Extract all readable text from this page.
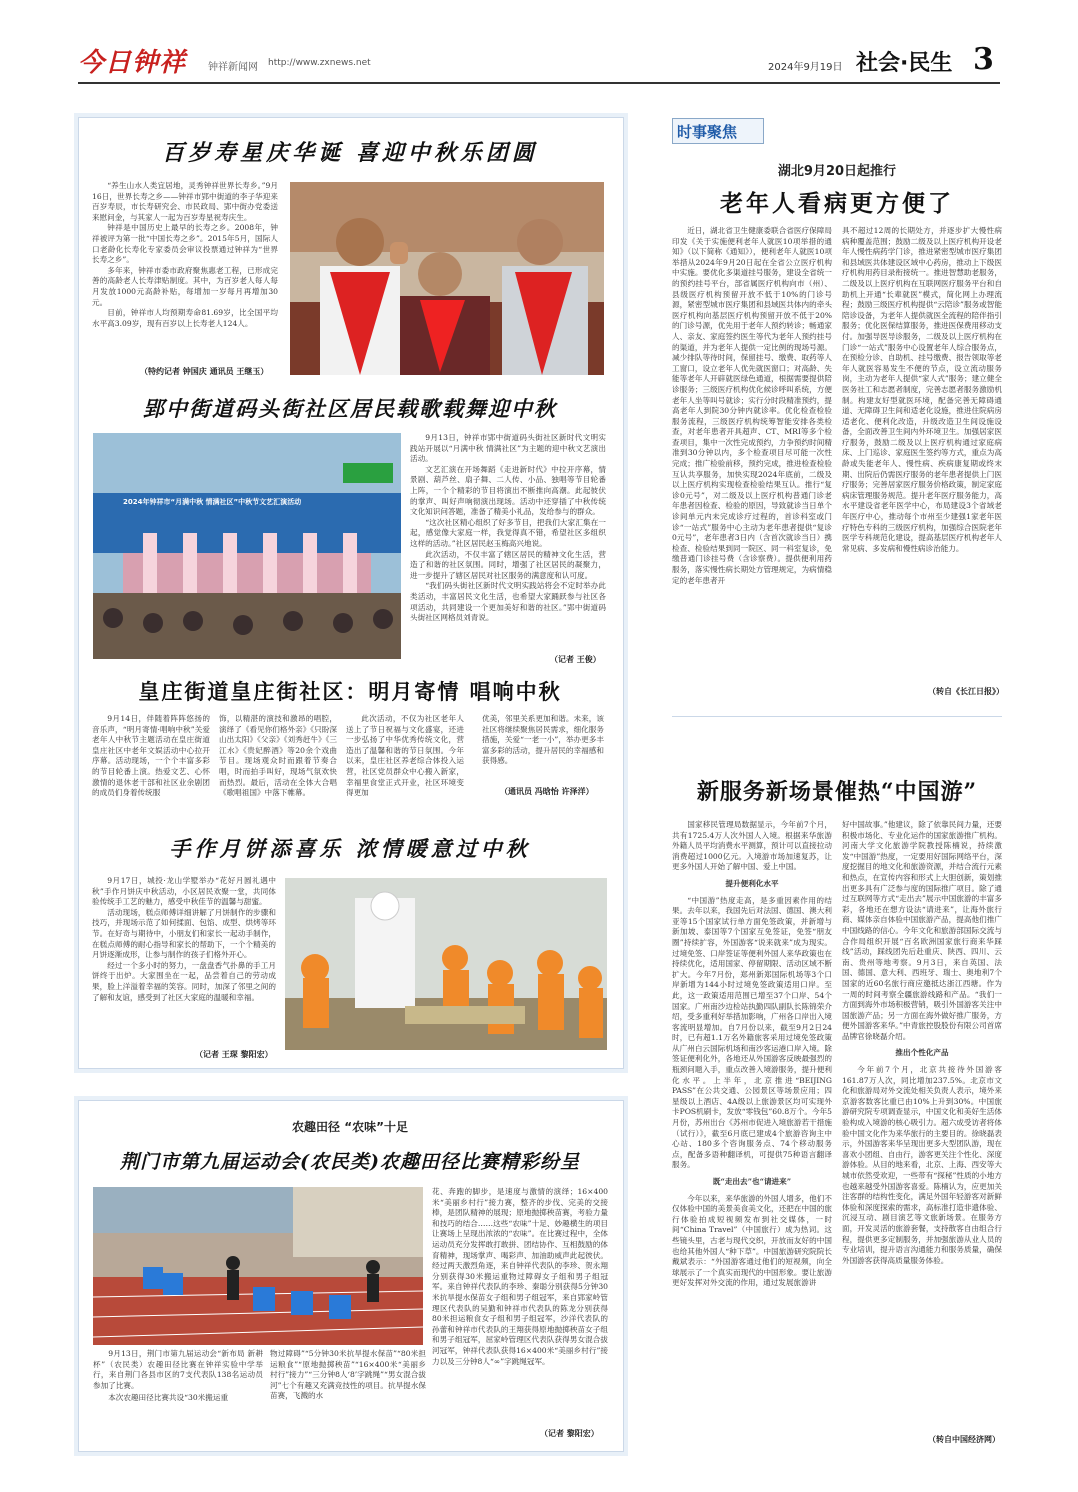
今日钟祥 钟祥新闻网 http://www.zxnews.net	2024年9月19日 社会·民生 3
百岁寿星庆华诞 喜迎中秋乐团圆

“养生山水人类宜居地，灵秀钟祥世界长寿乡。”9月16日，世界长寿之乡——钟祥市郢中街道的李子华迎来百岁寿辰，市长寿研究会、市民政局、郢中街办党委送来慰问金，与其家人一起为百岁寿星祝寿庆生。

钟祥是中国历史上最早的长寿之乡。2008年，钟祥被评为第一批“中国长寿之乡”。2015年5月，国际人口老龄化长寿化专家委员会审议投票通过钟祥为“世界长寿之乡”。

多年来，钟祥市委市政府聚焦惠老工程，已形成完善的高龄老人长寿津贴制度。其中，为百岁老人每人每月发放1000元高龄补贴，每增加一岁每月再增加30元。

目前，钟祥市人均预期寿命81.69岁，比全国平均水平高3.09岁，现有百岁以上长寿老人124人。

（特约记者 钟国庆 通讯员 王继玉）
郢中街道码头街社区居民载歌载舞迎中秋
2024年钟祥市“月满中秋 情满社区”中秋节文艺汇演活动

9月13日，钟祥市郢中街道码头街社区新时代文明实践站开展以“月满中秋 情满社区”为主题的迎中秋文艺演出活动。

文艺汇演在开场舞蹈《走进新时代》中拉开序幕，情景剧、葫芦丝、扇子舞、二人传、小品、独唱等节目轮番上阵，一个个精彩的节目将演出不断推向高潮。此起彼伏的掌声、叫好声响彻演出现场。活动中还穿插了中秋传统文化知识问答题，准备了精美小礼品，发给参与的群众。

“这次社区精心组织了好多节目，把我们大家汇集在一起，感觉像大家庭一样，我觉得真不错，希望社区多组织这样的活动。”社区居民赵玉梅高兴地说。

此次活动，不仅丰富了辖区居民的精神文化生活，营造了和谐的社区氛围。同时，增强了社区居民的凝聚力，进一步提升了辖区居民对社区服务的满意度和认可度。

“我们码头街社区新时代文明实践站将会不定时举办此类活动，丰富居民文化生活，也希望大家踊跃参与社区各项活动，共同建设一个更加美好和谐的社区。”郢中街道码头街社区网格员刘青说。

（记者 王俊）
皇庄街道皇庄街社区：明月寄情 唱响中秋
9月14日，伴随着阵阵悠扬的音乐声，“明月寄情·唱响中秋”关爱老年人中秋节主题活动在皇庄街道皇庄社区中老年文娱活动中心拉开序幕。活动现场，一个个丰富多彩的节目轮番上演。热爱文艺、心怀激情的退休老干部和社区业余剧团的成员们身着传统服
饰，以精湛的演技和激昂的唱腔，演绎了《看见你们格外亲》《只盼深山出太阳》《父亲》《刘秀赶牛》《三江水》《贵妃醉酒》等20余个戏曲节目。现场观众时而跟着节奏合唱，时而拍手叫好，现场气氛欢快而热烈。最后，活动在全体大合唱《歌唱祖国》中落下帷幕。
此次活动，不仅为社区老年人送上了节日祝福与文化盛宴，还进一步弘扬了中华优秀传统文化，营造出了温馨和谐的节日氛围。今年以来，皇庄社区养老综合体投入运营，社区党员群众中心搬入新家，幸福里食堂正式开业，社区环境变得更加
优美，邻里关系更加和谐。未来，该社区将继续聚焦居民需求，细化服务措施，关爱“一老一小”，举办更多丰富多彩的活动，提升居民的幸福感和获得感。
（通讯员 冯晗怡 许泽洋）
手作月饼添喜乐 浓情暖意过中秋

9月17日，城投·龙山学墅举办“花好月圆礼遇中秋”手作月饼庆中秋活动，小区居民欢聚一堂，共同体验传统手工艺的魅力，感受中秋佳节的温馨与甜蜜。

活动现场，糕点师傅详细讲解了月饼制作的步骤和技巧，并现场示范了如何揉面、包馅、成型、烘烤等环节。在好奇与期待中，小朋友们和家长一起动手制作，在糕点师傅的耐心指导和家长的帮助下，一个个精美的月饼逐渐成形，让参与制作的孩子们格外开心。

经过一个多小时的努力，一盘盘香气扑鼻的手工月饼终于出炉。大家围坐在一起，品尝着自己的劳动成果，脸上洋溢着幸福的笑容。同时，加深了邻里之间的了解和友谊，感受到了社区大家庭的温暖和幸福。

（记者 王琛 黎阳宏）
农趣田径 “农味”十足
荆门市第九届运动会(农民类)农趣田径比赛精彩纷呈
花、奔跑的脚步，是速度与激情的演绎；16×400米“美丽乡村行”接力赛，整齐的步伐、完美的交接棒，是团队精神的展现；原地抛掷秧苗赛，考验力量和技巧的结合……这些“农味”十足、妙趣横生的项目让赛场上呈现出浓浓的“农味”。在比赛过程中，全体运动员充分发挥敢打敢拼、团结协作、互相鼓励的体育精神，现场掌声、喝彩声、加油助威声此起彼伏。经过两天激烈角逐，来自钟祥代表队的李珍、贺永翔分别获得30米搬运重物过障碍女子组和男子组冠军。来自钟祥代表队的李珍、秦聪分别获得5分钟30米抗旱提水保苗女子组和男子组冠军，来自郢家岭管理区代表队的吴勤和钟祥市代表队的陈龙分别获得80米担运粮食女子组和男子组冠军，沙洋代表队的孙蕾和钟祥市代表队的王翔获得原地抛掷秧苗女子组和男子组冠军，屈家岭管理区代表队获得男女混合拔河冠军，钟祥代表队获得16×400米“美丽乡村行”接力以及三分钟8人“∞”字跳绳冠军。
9月13日，荆门市第九届运动会“新布局 新耕杯”（农民类）农趣田径比赛在钟祥实验中学举行，来自荆门各县市区的7支代表队138名运动员参加了比赛。
本次农趣田径比赛共设“30米搬运重
物过障碍”“5分钟30米抗旱提水保苗”“80米担运粮食”“原地抛掷秧苗”“16×400米“美丽乡村行”接力”“三分钟8人‘8’字跳绳”“男女混合拔河”七个有趣又充满竞技性的项目。抗旱提水保苗赛，飞溅的水
（记者 黎阳宏）
时事聚焦
湖北9月20日起推行
老年人看病更方便了
近日，湖北省卫生健康委联合省医疗保障局印发《关于实施便利老年人就医10项举措的通知》（以下简称《通知》），便利老年人就医10项举措从2024年9月20日起在全省公立医疗机构中实施。要优化多渠道挂号服务，建设全省统一的预约挂号平台，部省属医疗机构向市（州）、县级医疗机构预留开放不低于10%的门诊号源，紧密型城市医疗集团和县域医共体内的牵头医疗机构向基层医疗机构预留开放不低于20%的门诊号源，优先用于老年人预约转诊；畅通家人、亲友、家庭签约医生等代为老年人预约挂号的渠道，并为老年人提供一定比例的现场号源。减少排队等待时间，保留挂号、缴费、取药等人工窗口，设立老年人优先就医窗口；对高龄、失能等老年人开辟就医绿色通道，根据需要提供陪诊服务；三级医疗机构优化候诊呼叫系统，方便老年人坐等叫号就诊；实行分时段精准预约，提高老年人到院30分钟内就诊率。优化检查检验服务流程，三级医疗机构统筹智能安排各类检查，对老年患者开具超声、CT、MRI等多个检查项目，集中一次性完成预约，力争预约时间精准到30分钟以内，多个检查项目尽可能一次性完成；推广检验前移，预约完成，推进检查检验互认共享服务，加快实现2024年底前，二级及以上医疗机构实现检查检验结果互认。推行“复诊0元号”，对二级及以上医疗机构普通门诊老年患者因检查、检验的原因，导致就诊当日单个诊间单元内未完成诊疗过程的，首诊科室或门诊“一站式”服务中心主动为老年患者提供“复诊0元号”，老年患者3日内（含首次就诊当日）携检查、检验结果到同一院区、同一科室复诊，免缴普通门诊挂号费（含诊察费）。提供便利用药服务，落实慢性病长期处方管理规定，为病情稳定的老年患者开
具不超过12周的长期处方，并逐步扩大慢性病病种覆盖范围；鼓励二级及以上医疗机构开设老年人慢性病药学门诊，推进紧密型城市医疗集团和县域医共体建设区域中心药房，推动上下级医疗机构用药目录衔接统一。推进智慧助老服务，二级及以上医疗机构在互联网医疗服务平台和自助机上开通“长辈就医”模式，简化网上办理流程；鼓励三级医疗机构提供“云陪诊”服务或智能陪诊设备，为老年人提供就医全流程的陪伴指引服务；优化医保结算服务，推进医保费用移动支付。加强导医导诊服务，二级及以上医疗机构在门诊“一站式”服务中心设置老年人综合服务点，在预检分诊、自助机、挂号缴费、报告领取等老年人就医容易发生不便的节点，设立流动服务岗，主动为老年人提供“家人式”服务；建立健全医务社工和志愿者制度，完善志愿者服务激励机制。构建友好型就医环境，配备完善无障碍通道、无障碍卫生间和适老化设施，推进住院病房适老化、便利化改造，升级改造卫生间设施设备，全面改善卫生间内外环境卫生。加强居家医疗服务，鼓励二级及以上医疗机构通过家庭病床、上门巡诊、家庭医生签约等方式，重点为高龄或失能老年人、慢性病、疾病康复期或终末期、出院后仍需医疗服务的老年患者提供上门医疗服务；完善居家医疗服务价格政策，制定家庭病床管理服务规范。提升老年医疗服务能力，高水平建设省老年医学中心，布局建设3个省域老年医疗中心，推动每个市州至少建强1家老年医疗特色专科的三级医疗机构，加强综合医院老年医学专科规范化建设，提高基层医疗机构老年人常见病、多发病和慢性病诊治能力。
（转自《长江日报》）
新服务新场景催热“中国游”

国家移民管理局数据显示，今年前7个月，共有1725.4万人次外国人入境。根据来华旅游外籍人员平均消费水平测算，预计可以直接拉动消费超过1000亿元。入境游市场加速复苏，让更多外国人开始了解中国、爱上中国。

提升便利化水平

“中国游”热度走高，是多重因素作用的结果。去年以来，我国先后对法国、德国、澳大利亚等15个国家试行单方面免签政策，并新增与新加坡、泰国等7个国家互免签证，免签“朋友圈”持续扩容，外国游客“说来就来”成为现实。过境免签、口岸签证等便利外国人来华政策也在持续优化，适用国家、停留期限、活动区域不断扩大。今年7月份，郑州新郑国际机场等3个口岸新增为144小时过境免签政策适用口岸。至此，这一政策适用范围已增至37个口岸、54个国家。广州南沙边检站执勤四队副队长陈锦荣介绍，受多重利好举措加影响，广州各口岸出入境客流明显增加。自7月份以来，截至9月2日24时，已有超1.1万名外籍旅客采用过境免签政策从广州白云国际机场和南沙客运港口岸入境。除签证便利化外，各地还从外国游客反映最强烈的瓶颈问题入手，重点改善入境游服务，提升便利化水平。上半年，北京推进“BEIJING PASS”在公共交通、公园景区等场景应用；四星级以上酒店、4A级以上旅游景区均可实现外卡POS机刷卡，发放“零钱包”60.8万个。今年5月份，苏州出台《苏州市促进入境旅游若干措施（试行）》，截至6月底已建成4个旅游咨询主中心站、180多个咨询服务点、74个移动服务点，配备多语种翻译机，可提供75种语言翻译服务。

既“走出去”也“请进来”

今年以来，来华旅游的外国人增多，他们不仅体验中国的美景美食美文化，还把在中国的旅行体验拍成短视频发布到社交媒体，一时间“China Travel”（中国旅行）成为热词。这些镜头里，古老与现代交织，开放而友好的中国也给其他外国人“种下草”。中国旅游研究院院长戴斌表示：“外国游客通过他们的短视频，向全球展示了一个真实而现代的中国形象。要让旅游更好发挥对外交流的作用，通过发展旅游讲

好中国故事。”他建议，除了依靠民间力量，还要积极市场化、专业化运作的国家旅游推广机构。河南大学文化旅游学院教授陈楠说，持续激发“中国游”热度，一定要用好国际网络平台，深度挖掘目的地文化和旅游资源，并结合流行元素和热点，在宣传内容和形式上大胆创新，策划推出更多具有广泛参与度的国际推广项目。除了通过互联网等方式“走出去”展示中国旅游的丰富多彩，各地还在想方设法“请进来”，让海外旅行商、媒体亲自体验中国旅游产品，提高他们推广中国线路的信心。今年文化和旅游部国际交流与合作局组织开展“百名欧洲国家旅行商来华踩线”活动，踩线团先后赴重庆、陕西、四川、云南、贵州等地考察。9月3日，来自英国、法国、德国、意大利、西班牙、瑞士、奥地利7个国家的近60名旅行商应邀抵达浙江西塘。作为一周的时间考察全疆旅游线路和产品。“我们一方面到海外市场积极营销，吸引外国游客关注中国旅游产品；另一方面在海外做好推广服务，方便外国游客来华。”中青旅控股股份有限公司首席品牌官徐晓磊介绍。

推出个性化产品

今年前7个月，北京共接待外国游客161.87万人次，同比增加237.5%。北京市文化和旅游局对外交流处相关负责人表示，境外来京游客数客比重已由10%上升到30%。中国旅游研究院专项调查显示，中国文化和美好生活体验构成入境游的核心吸引力。超六成受访者将体验中国文化作为来华旅行的主要目的。徐晓磊表示，外国游客来华呈现出更多大型团队游，现在喜欢小团组、自由行，游客更关注个性化、深度游体验。从目的地来看，北京、上海、西安等大城市依然受欢迎，一些带有“探秘”性质的小地方也越来越受外国游客喜爱。陈楠认为，应更加关注客群的结构性变化，满足外国年轻游客对新鲜体验和深度探索的需求，高标准打造非遗体验、沉浸互动、剧目演艺等文旅新场景。在服务方面，开发灵活的旅游套餐，支持散客自由组合行程，提供更多定制服务，并加强旅游从业人员的专业培训，提升语言沟通能力和服务质量，确保外国游客获得高质量服务体验。

（转自中国经济网）
